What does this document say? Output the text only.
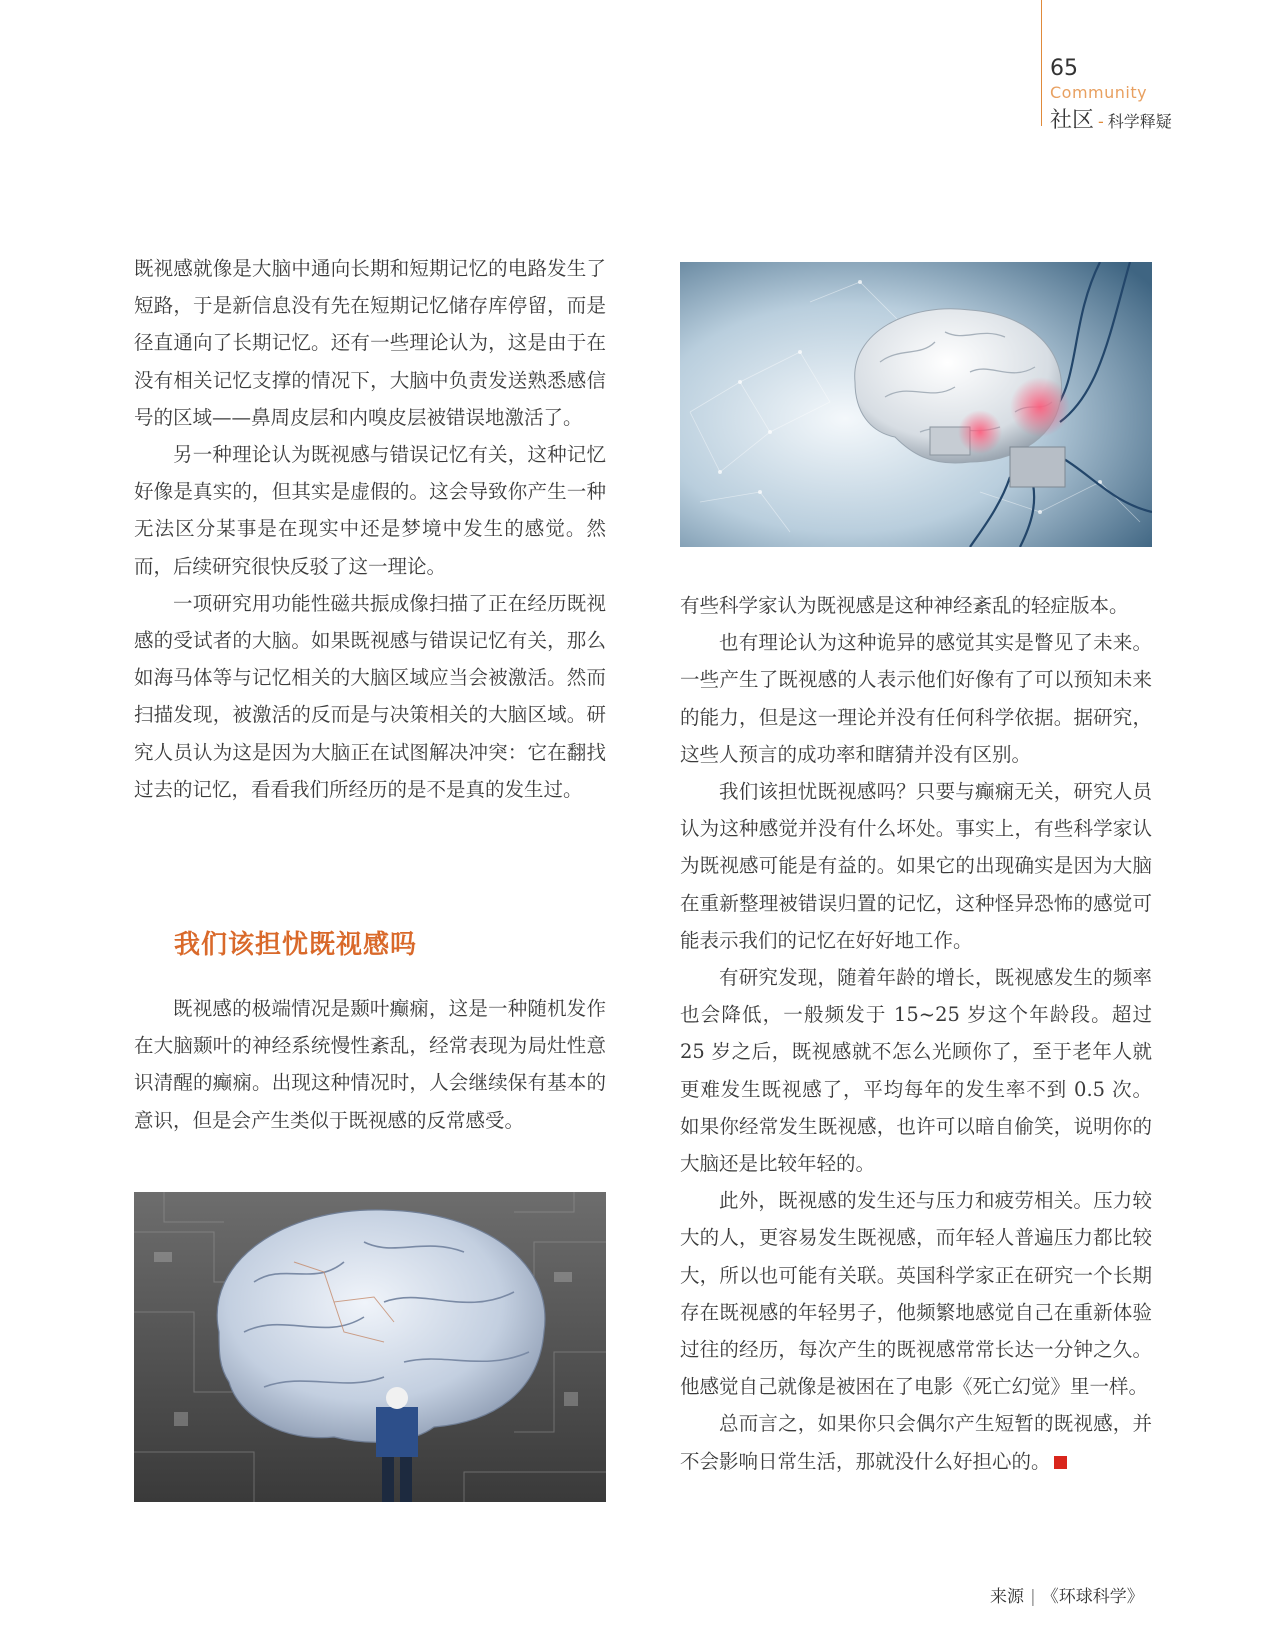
65
Community
社区 - 科学释疑

既视感就像是大脑中通向长期和短期记忆的电路发生了短路，于是新信息没有先在短期记忆储存库停留，而是径直通向了长期记忆。还有一些理论认为，这是由于在没有相关记忆支撑的情况下，大脑中负责发送熟悉感信号的区域——鼻周皮层和内嗅皮层被错误地激活了。

另一种理论认为既视感与错误记忆有关，这种记忆好像是真实的，但其实是虚假的。这会导致你产生一种无法区分某事是在现实中还是梦境中发生的感觉。然而，后续研究很快反驳了这一理论。

一项研究用功能性磁共振成像扫描了正在经历既视感的受试者的大脑。如果既视感与错误记忆有关，那么如海马体等与记忆相关的大脑区域应当会被激活。然而扫描发现，被激活的反而是与决策相关的大脑区域。研究人员认为这是因为大脑正在试图解决冲突：它在翻找过去的记忆，看看我们所经历的是不是真的发生过。

我们该担忧既视感吗

既视感的极端情况是颞叶癫痫，这是一种随机发作在大脑颞叶的神经系统慢性紊乱，经常表现为局灶性意识清醒的癫痫。出现这种情况时，人会继续保有基本的意识，但是会产生类似于既视感的反常感受。

有些科学家认为既视感是这种神经紊乱的轻症版本。

也有理论认为这种诡异的感觉其实是瞥见了未来。一些产生了既视感的人表示他们好像有了可以预知未来的能力，但是这一理论并没有任何科学依据。据研究，这些人预言的成功率和瞎猜并没有区别。

我们该担忧既视感吗？只要与癫痫无关，研究人员认为这种感觉并没有什么坏处。事实上，有些科学家认为既视感可能是有益的。如果它的出现确实是因为大脑在重新整理被错误归置的记忆，这种怪异恐怖的感觉可能表示我们的记忆在好好地工作。

有研究发现，随着年龄的增长，既视感发生的频率也会降低，一般频发于 15~25 岁这个年龄段。超过 25 岁之后，既视感就不怎么光顾你了，至于老年人就更难发生既视感了，平均每年的发生率不到 0.5 次。如果你经常发生既视感，也许可以暗自偷笑，说明你的大脑还是比较年轻的。

此外，既视感的发生还与压力和疲劳相关。压力较大的人，更容易发生既视感，而年轻人普遍压力都比较大，所以也可能有关联。英国科学家正在研究一个长期存在既视感的年轻男子，他频繁地感觉自己在重新体验过往的经历，每次产生的既视感常常长达一分钟之久。他感觉自己就像是被困在了电影《死亡幻觉》里一样。

总而言之，如果你只会偶尔产生短暂的既视感，并不会影响日常生活，那就没什么好担心的。	S

来源 | 《环球科学》
